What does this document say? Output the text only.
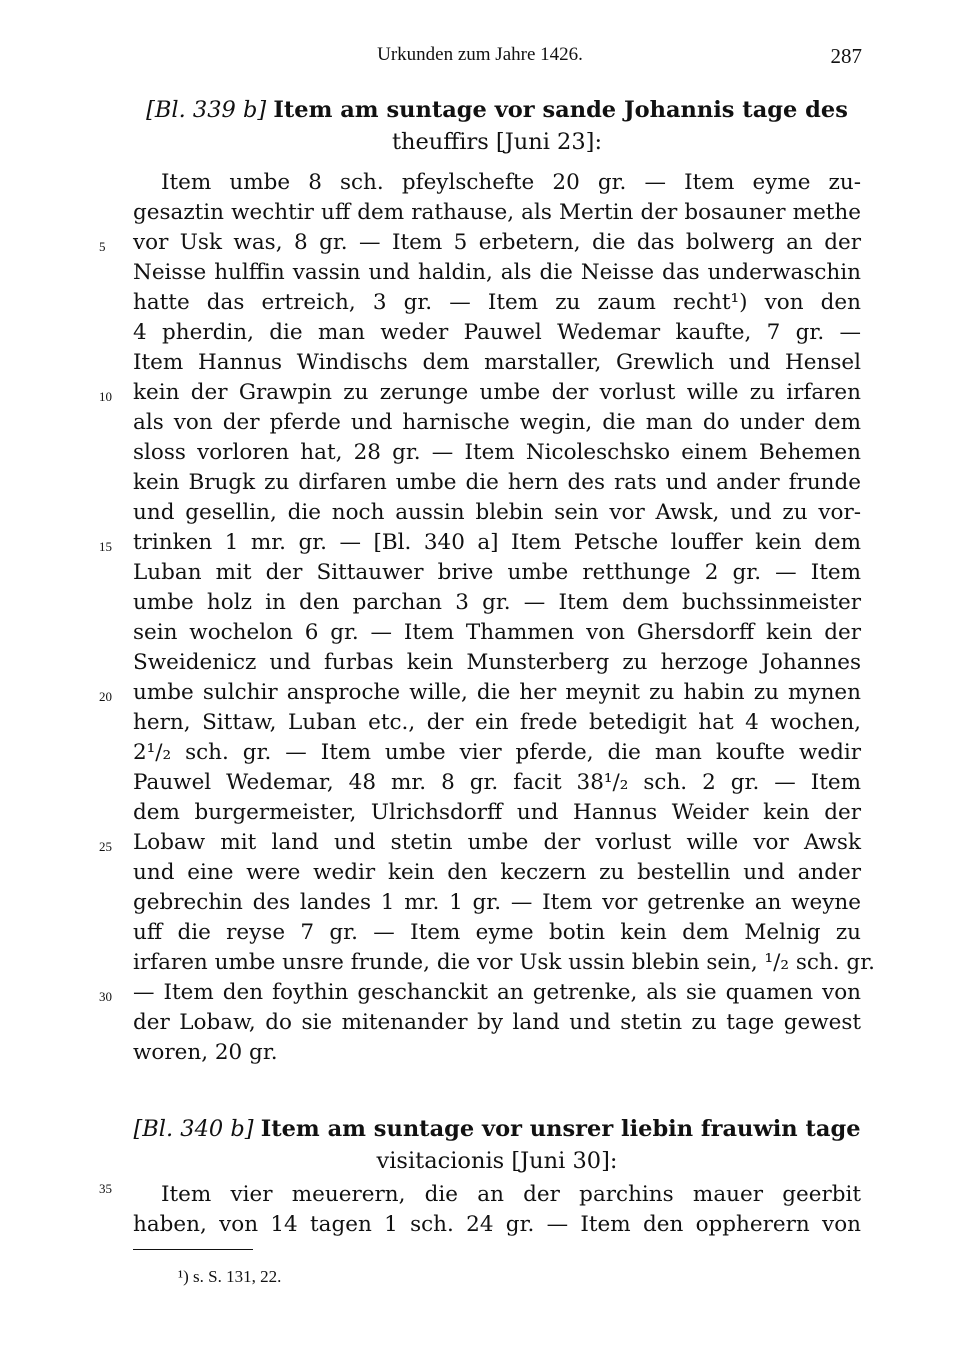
Urkunden zum Jahre 1426.	287
[Bl. 339 b] Item am suntage vor sande Johannis tage des
theuffirs [Juni 23]:
Item umbe 8 sch. pfeylschefte 20 gr. — Item eyme zu-
gesaztin wechtir uff dem rathause, als Mertin der bosauner methe
vor Usk was, 8 gr. — Item 5 erbetern, die das bolwerg an der
Neisse hulffin vassin und haldin, als die Neisse das underwaschin
hatte das ertreich, 3 gr. — Item zu zaum recht¹) von den
4 pherdin, die man weder Pauwel Wedemar kaufte, 7 gr. —
Item Hannus Windischs dem marstaller, Grewlich und Hensel
kein der Grawpin zu zerunge umbe der vorlust wille zu irfaren
als von der pferde und harnische wegin, die man do under dem
sloss vorloren hat, 28 gr. — Item Nicoleschsko einem Behemen
kein Brugk zu dirfaren umbe die hern des rats und ander frunde
und gesellin, die noch aussin blebin sein vor Awsk, und zu vor-
trinken 1 mr. gr. — [Bl. 340 a] Item Petsche louffer kein dem
Luban mit der Sittauwer brive umbe retthunge 2 gr. — Item
umbe holz in den parchan 3 gr. — Item dem buchssinmeister
sein wochelon 6 gr. — Item Thammen von Ghersdorff kein der
Sweidenicz und furbas kein Munsterberg zu herzoge Johannes
umbe sulchir ansproche wille, die her meynit zu habin zu mynen
hern, Sittaw, Luban etc., der ein frede betedigit hat 4 wochen,
2¹/₂ sch. gr. — Item umbe vier pferde, die man koufte wedir
Pauwel Wedemar, 48 mr. 8 gr. facit 38¹/₂ sch. 2 gr. — Item
dem burgermeister, Ulrichsdorff und Hannus Weider kein der
Lobaw mit land und stetin umbe der vorlust wille vor Awsk
und eine were wedir kein den keczern zu bestellin und ander
gebrechin des landes 1 mr. 1 gr. — Item vor getrenke an weyne
uff die reyse 7 gr. — Item eyme botin kein dem Melnig zu
irfaren umbe unsre frunde, die vor Usk ussin blebin sein, ¹/₂ sch. gr.
— Item den foythin geschanckit an getrenke, als sie quamen von
der Lobaw, do sie mitenander by land und stetin zu tage gewest
woren, 20 gr.
[Bl. 340 b] Item am suntage vor unsrer liebin frauwin tage
visitacionis [Juni 30]:
Item vier meuerern, die an der parchins mauer geerbit
haben, von 14 tagen 1 sch. 24 gr. — Item den oppherern von
5
10
15
20
25
30
35
¹) s. S. 131, 22.
